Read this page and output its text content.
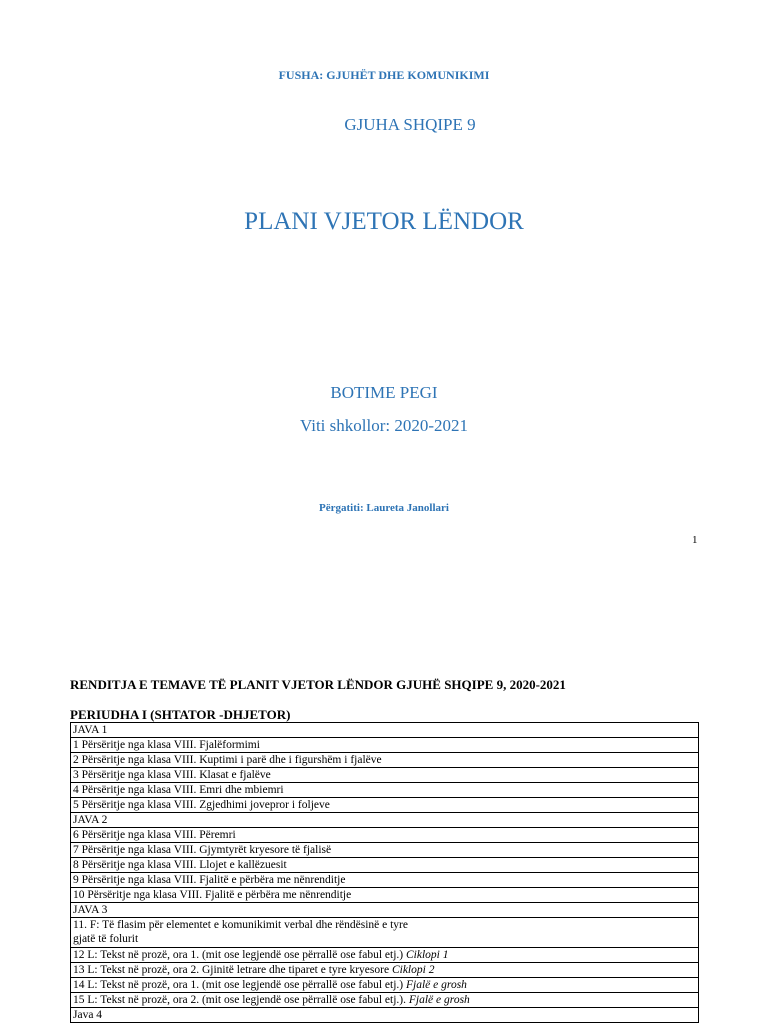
FUSHA: GJUHËT DHE KOMUNIKIMI

GJUHA SHQIPE 9

PLANI VJETOR LËNDOR

BOTIME PEGI

Viti shkollor: 2020-2021

Përgatiti: Laureta Janollari

1

RENDITJA E TEMAVE TË PLANIT VJETOR LËNDOR GJUHË SHQIPE 9, 2020-2021

PERIUDHA I (SHTATOR -DHJETOR)

JAVA 1
1 Përsëritje nga klasa VIII. Fjalëformimi
2 Përsëritje nga klasa VIII. Kuptimi i parë dhe i figurshëm i fjalëve
3 Përsëritje nga klasa VIII. Klasat e fjalëve
4 Përsëritje nga klasa VIII. Emri dhe mbiemri
5 Përsëritje nga klasa VIII. Zgjedhimi jovepror i foljeve
JAVA 2
6 Përsëritje nga klasa VIII. Përemri
7 Përsëritje nga klasa VIII. Gjymtyrët kryesore të fjalisë
8 Përsëritje nga klasa VIII. Llojet e kallëzuesit
9 Përsëritje nga klasa VIII. Fjalitë e përbëra me nënrenditje
10 Përsëritje nga klasa VIII. Fjalitë e përbëra me nënrenditje
JAVA 3
11. F: Të flasim për elementet e komunikimit verbal dhe rëndësinë e tyre
gjatë të folurit
12 L: Tekst në prozë, ora 1. (mit ose legjendë ose përrallë ose fabul etj.) Ciklopi 1
13 L: Tekst në prozë, ora 2. Gjinitë letrare dhe tiparet e tyre kryesore Ciklopi 2
14 L: Tekst në prozë, ora 1. (mit ose legjendë ose përrallë ose fabul etj.) Fjalë e grosh
15 L: Tekst në prozë, ora 2. (mit ose legjendë ose përrallë ose fabul etj.). Fjalë e grosh
Java 4
